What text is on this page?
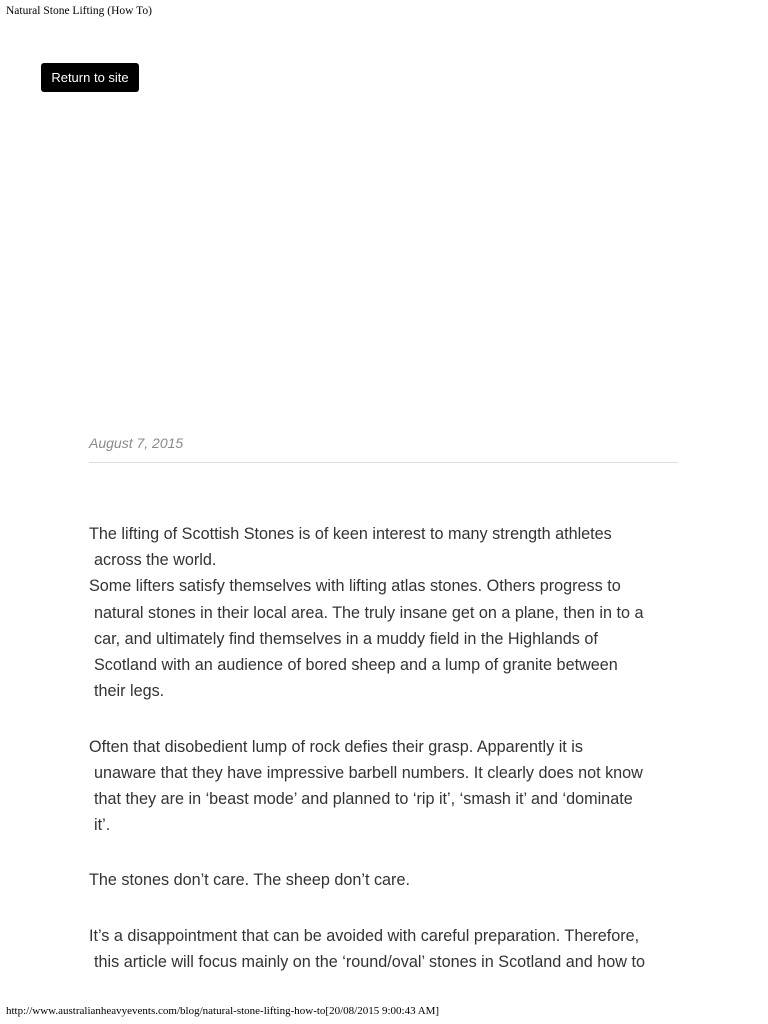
Natural Stone Lifting (How To)
Return to site
August 7, 2015
The lifting of Scottish Stones is of keen interest to many strength athletes
across the world.
Some lifters satisfy themselves with lifting atlas stones. Others progress to
natural stones in their local area. The truly insane get on a plane, then in to a
car, and ultimately find themselves in a muddy field in the Highlands of
Scotland with an audience of bored sheep and a lump of granite between
their legs.
Often that disobedient lump of rock defies their grasp. Apparently it is
unaware that they have impressive barbell numbers. It clearly does not know
that they are in ‘beast mode’ and planned to ‘rip it’, ‘smash it’ and ‘dominate
it’.
The stones don’t care. The sheep don’t care.
It’s a disappointment that can be avoided with careful preparation. Therefore,
this article will focus mainly on the ‘round/oval’ stones in Scotland and how to
http://www.australianheavyevents.com/blog/natural-stone-lifting-how-to[20/08/2015 9:00:43 AM]
